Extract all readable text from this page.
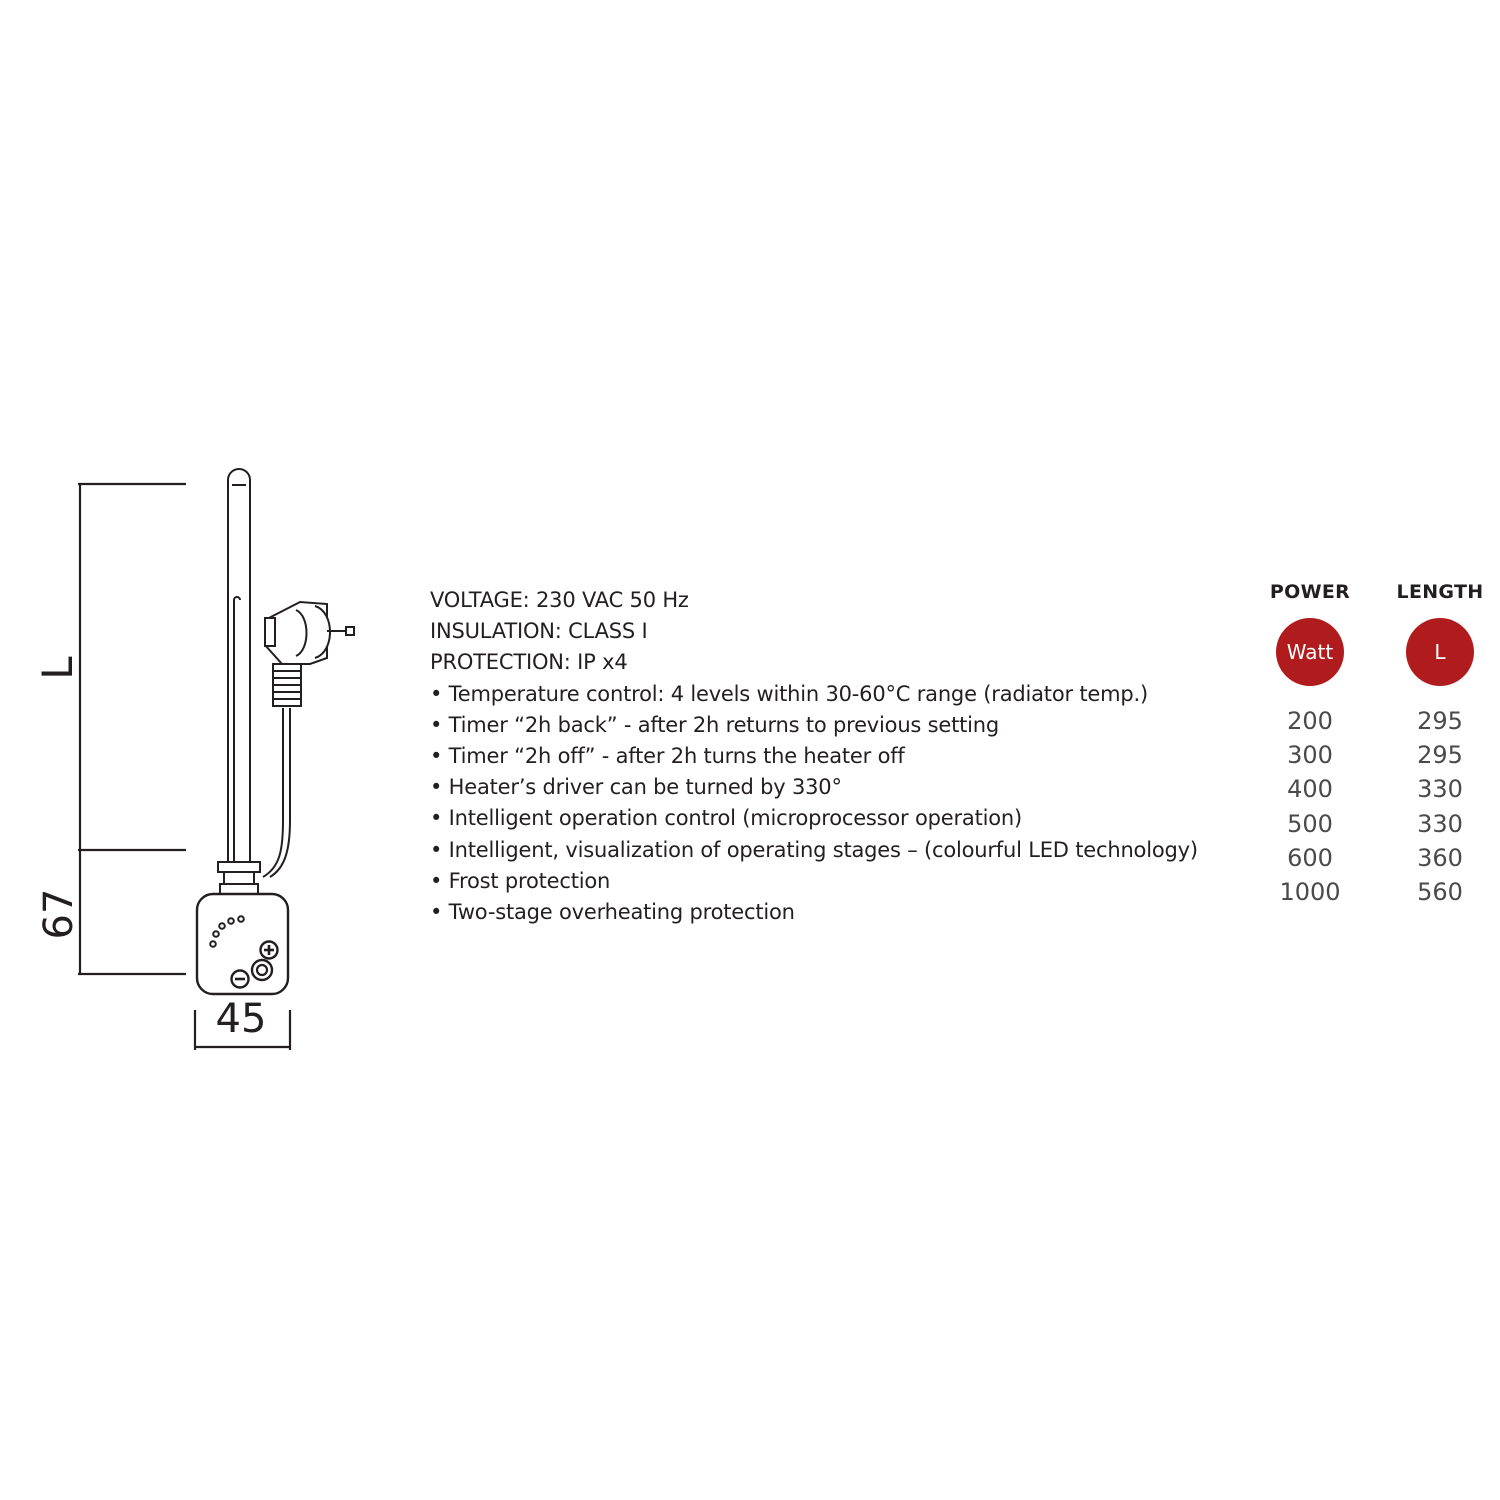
L
67
45
VOLTAGE: 230 VAC 50 Hz
INSULATION: CLASS I
PROTECTION: IP x4
• Temperature control: 4 levels within 30-60°C range (radiator temp.)
• Timer “2h back” - after 2h returns to previous setting
• Timer “2h off” - after 2h turns the heater off
• Heater’s driver can be turned by 330°
• Intelligent operation control (microprocessor operation)
• Intelligent, visualization of operating stages – (colourful LED technology)
• Frost protection
• Two-stage overheating protection
POWER
Watt
200
300
400
500
600
1000
LENGTH
L
295
295
330
330
360
560
